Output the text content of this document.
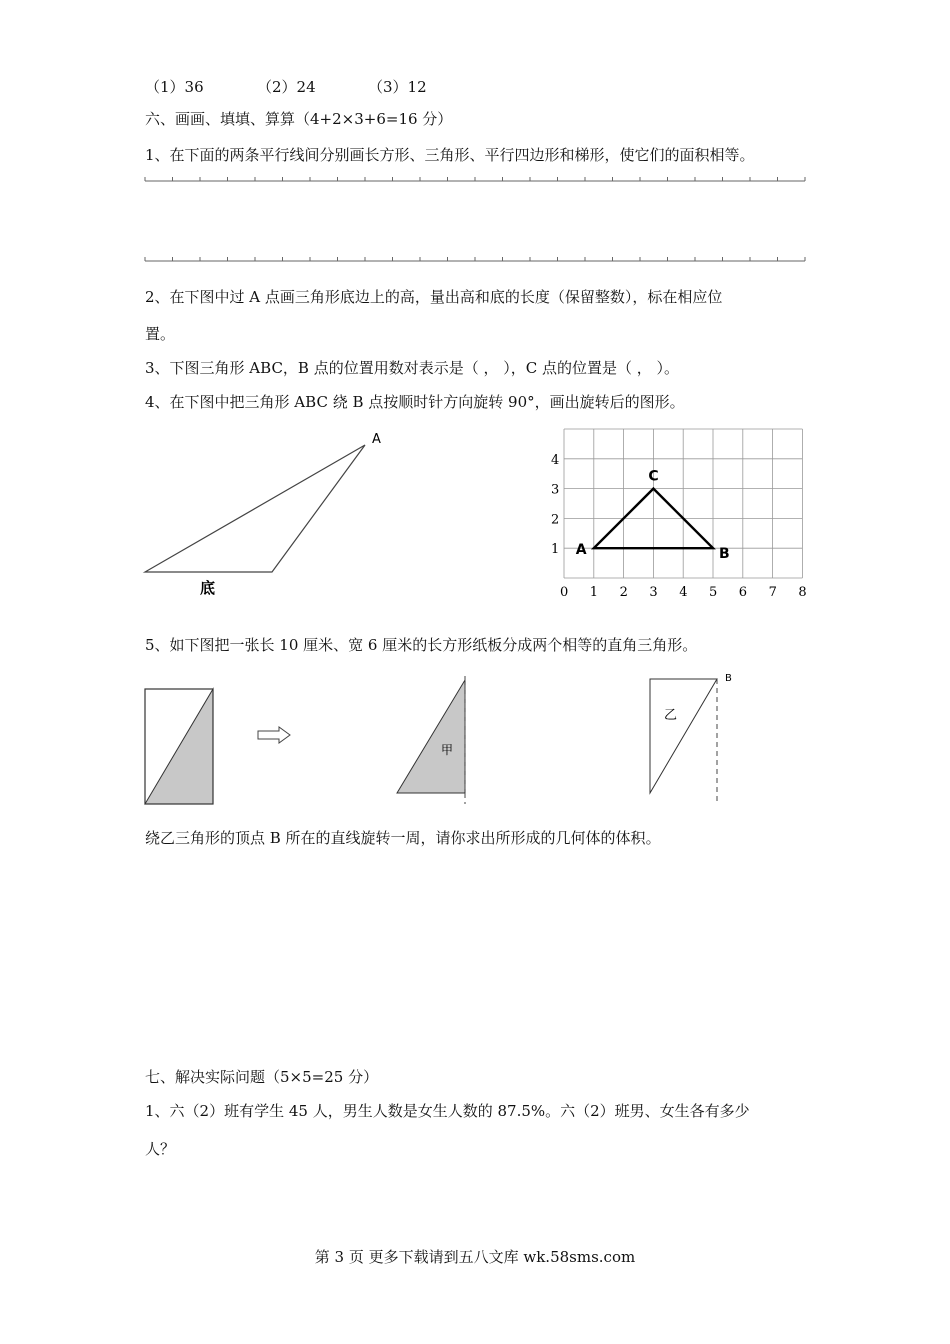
（1）36	（2）24	（3）12
六、画画、填填、算算（4+2×3+6=16 分）
1、在下面的两条平行线间分别画长方形、三角形、平行四边形和梯形，使它们的面积相等。
2、在下图中过 A 点画三角形底边上的高，量出高和底的长度（保留整数），标在相应位
置。
3、下图三角形 ABC，B 点的位置用数对表示是（ ， ），C 点的位置是（ ， ）。
4、在下图中把三角形 ABC 绕 B 点按顺时针方向旋转 90°，画出旋转后的图形。
A
底	0 1 2 3 4 5 6 7 8
1
2
3
4
A	B
C
5、如下图把一张长 10 厘米、宽 6 厘米的长方形纸板分成两个相等的直角三角形。
甲
乙
B
绕乙三角形的顶点 B 所在的直线旋转一周，请你求出所形成的几何体的体积。
七、解决实际问题（5×5=25 分）
1、六（2）班有学生 45 人，男生人数是女生人数的 87.5%。六（2）班男、女生各有多少
人？
第 3 页 更多下载请到五八文库 wk.58sms.com
